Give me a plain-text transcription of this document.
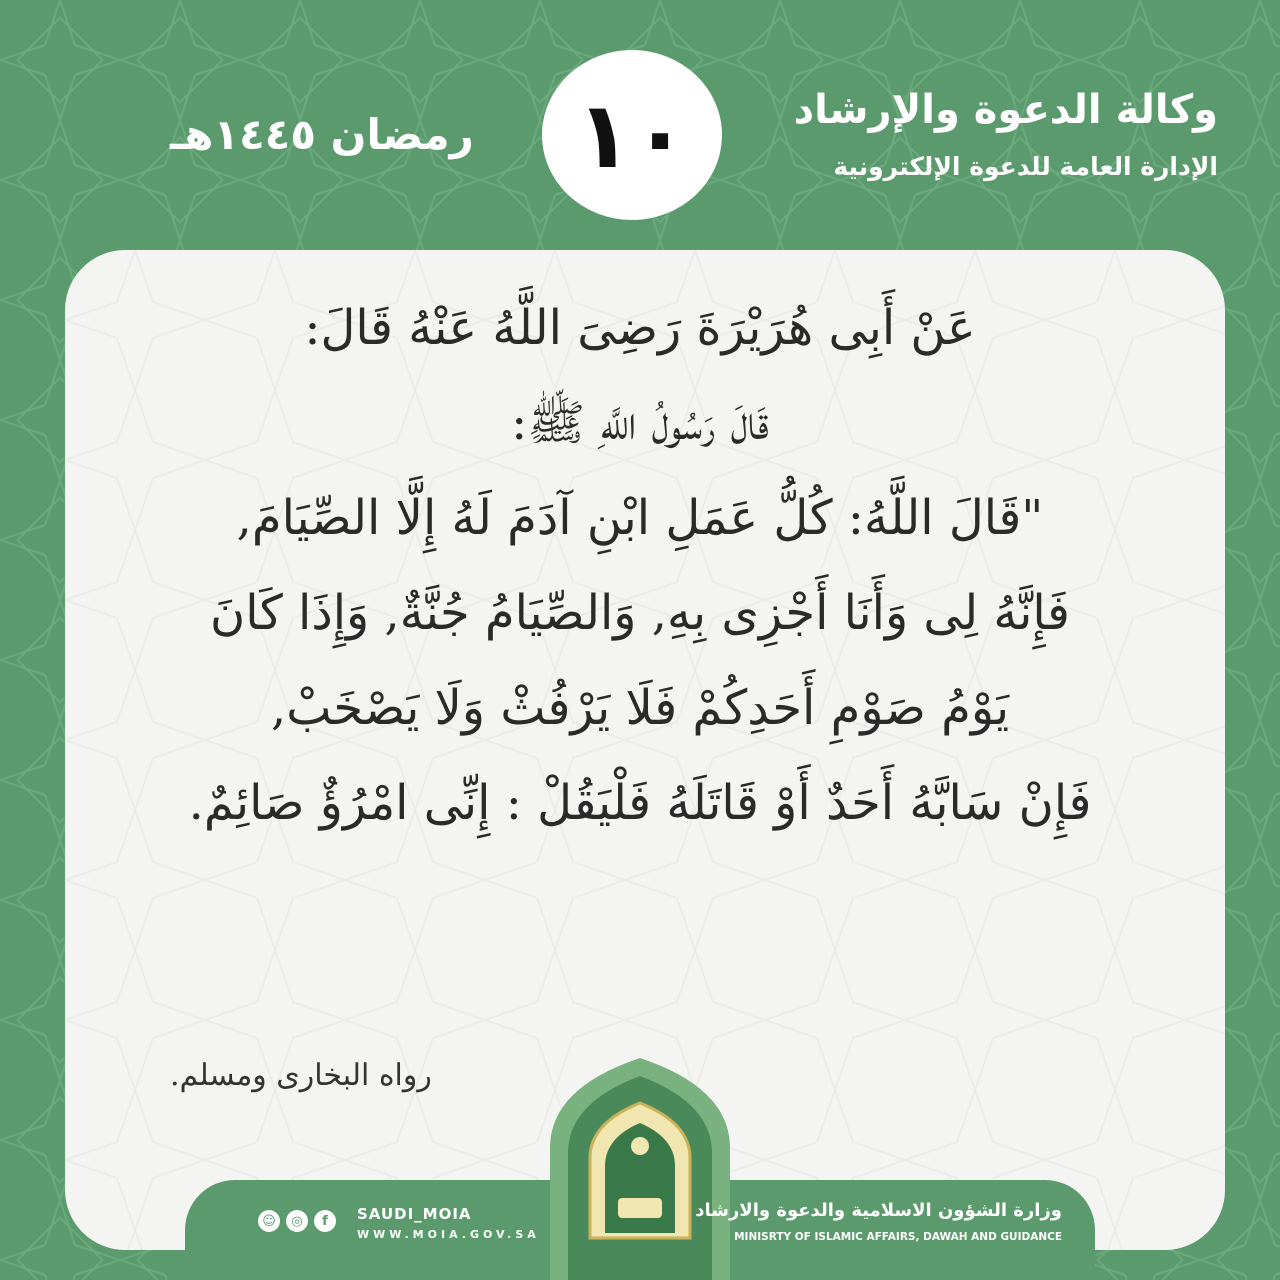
وكالة الدعوة والإرشاد
الإدارة العامة للدعوة الإلكترونية
١٠
رمضان ١٤٤٥هـ
عَنْ أَبِى هُرَيْرَةَ رَضِىَ اللَّهُ عَنْهُ قَالَ:
قَالَ رَسُولُ اللَّهِ ﷺ:
"قَالَ اللَّهُ: كُلُّ عَمَلِ ابْنِ آدَمَ لَهُ إِلَّا الصِّيَامَ,
فَإِنَّهُ لِى وَأَنَا أَجْزِى بِهِ, وَالصِّيَامُ جُنَّةٌ, وَإِذَا كَانَ
يَوْمُ صَوْمِ أَحَدِكُمْ فَلَا يَرْفُثْ وَلَا يَصْخَبْ,
فَإِنْ سَابَّهُ أَحَدٌ أَوْ قَاتَلَهُ فَلْيَقُلْ : إِنِّى امْرُؤٌ صَائِمٌ.
رواه البخارى ومسلم.
وزارة الشؤون الاسلامية والدعوة والارشاد
MINISRTY OF ISLAMIC AFFAIRS, DAWAH AND GUIDANCE
☺	◎	f	SAUDI_MOIA
WWW.MOIA.GOV.SA
